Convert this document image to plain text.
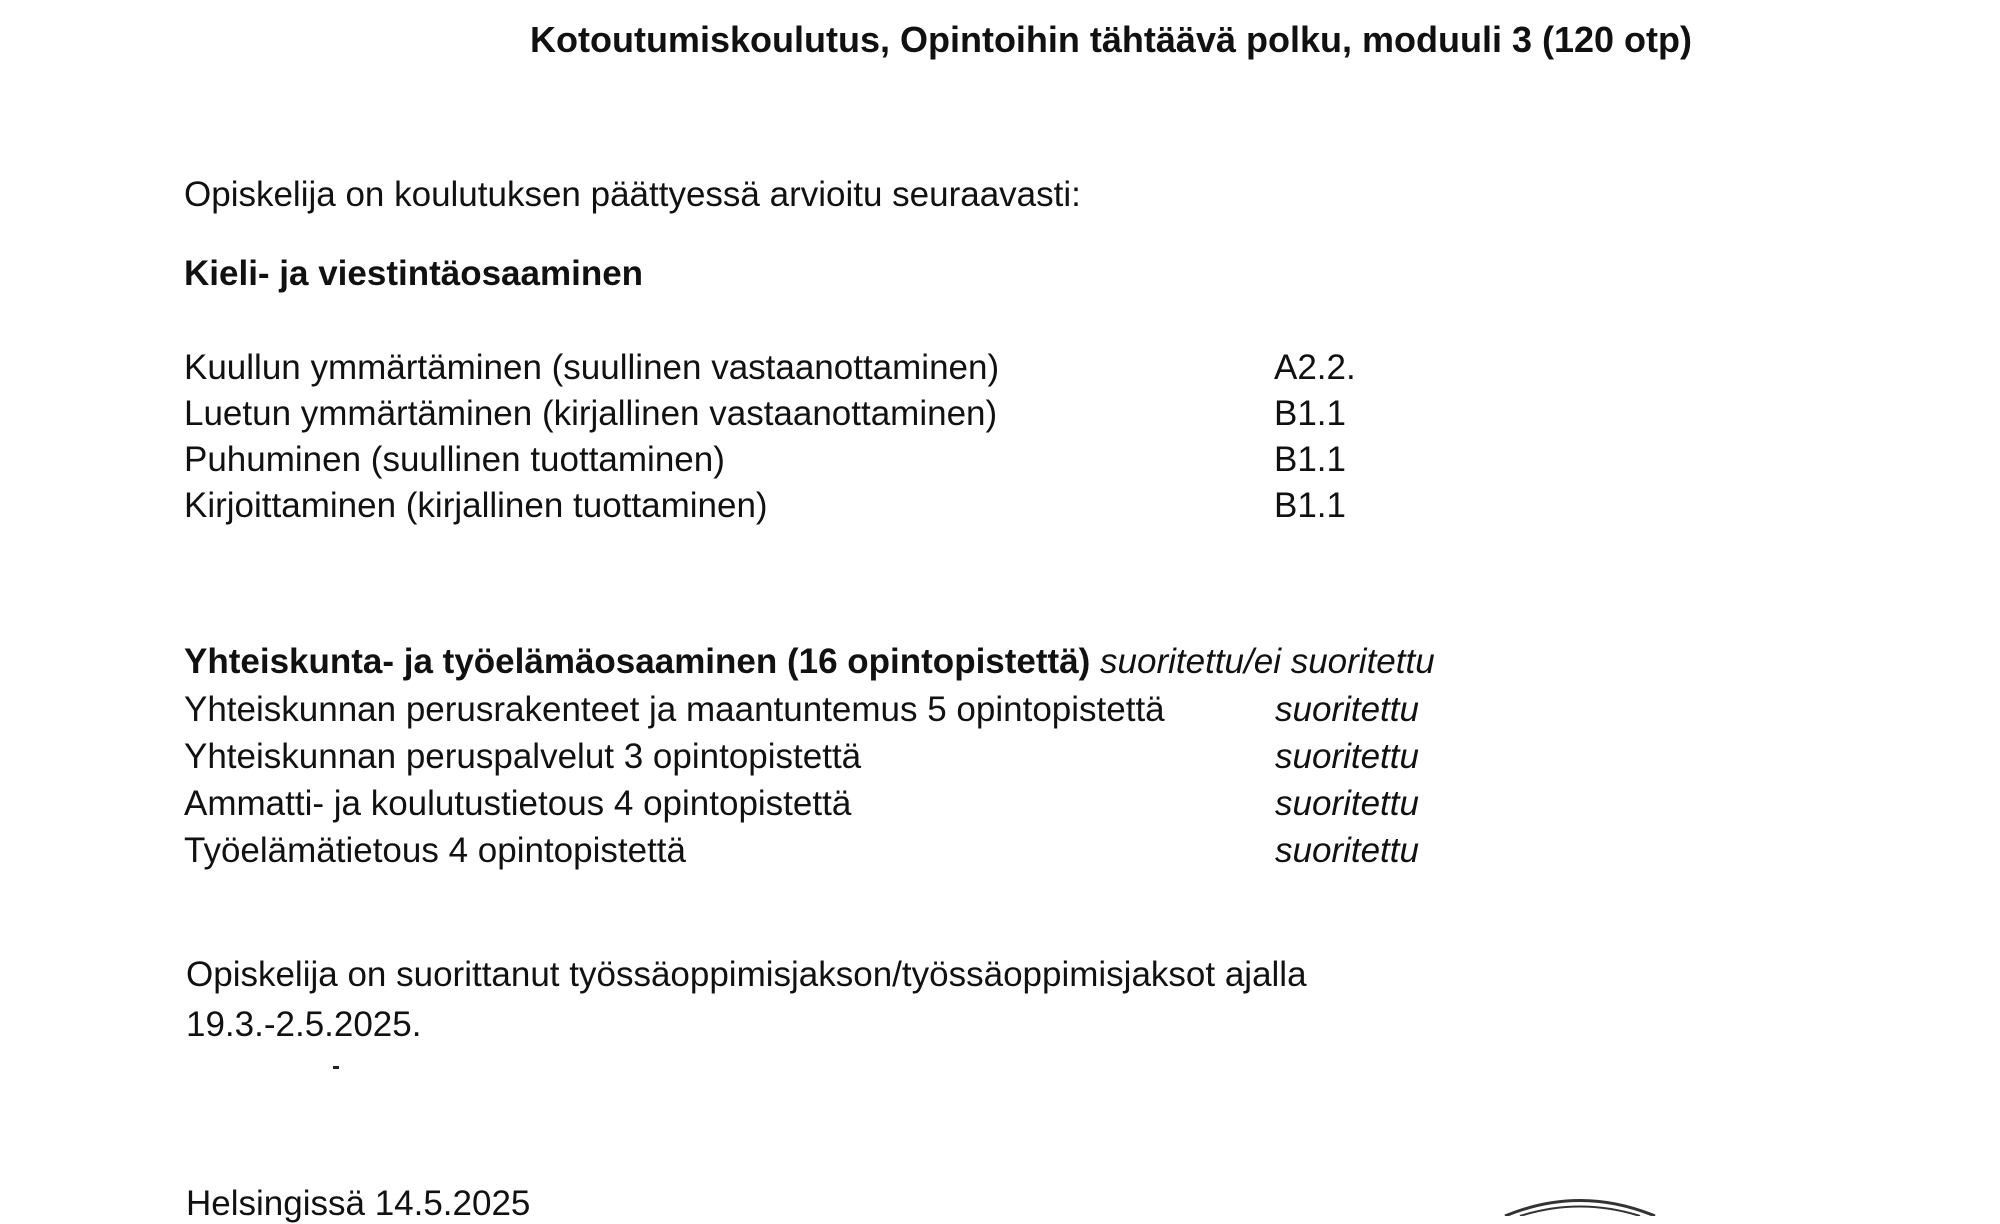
Kotoutumiskoulutus, Opintoihin tähtäävä polku, moduuli 3 (120 otp)
Opiskelija on koulutuksen päättyessä arvioitu seuraavasti:
Kieli- ja viestintäosaaminen
Kuullun ymmärtäminen (suullinen vastaanottaminen)	A2.2.
Luetun ymmärtäminen (kirjallinen vastaanottaminen)	B1.1
Puhuminen (suullinen tuottaminen)	B1.1
Kirjoittaminen (kirjallinen tuottaminen)	B1.1
Yhteiskunta- ja työelämäosaaminen (16 opintopistettä) suoritettu/ei suoritettu
Yhteiskunnan perusrakenteet ja maantuntemus 5 opintopistettä	suoritettu
Yhteiskunnan peruspalvelut 3 opintopistettä	suoritettu
Ammatti- ja koulutustietous 4 opintopistettä	suoritettu
Työelämätietous 4 opintopistettä	suoritettu
Opiskelija on suorittanut työssäoppimisjakson/työssäoppimisjaksot ajalla 19.3.-2.5.2025.
Helsingissä 14.5.2025
